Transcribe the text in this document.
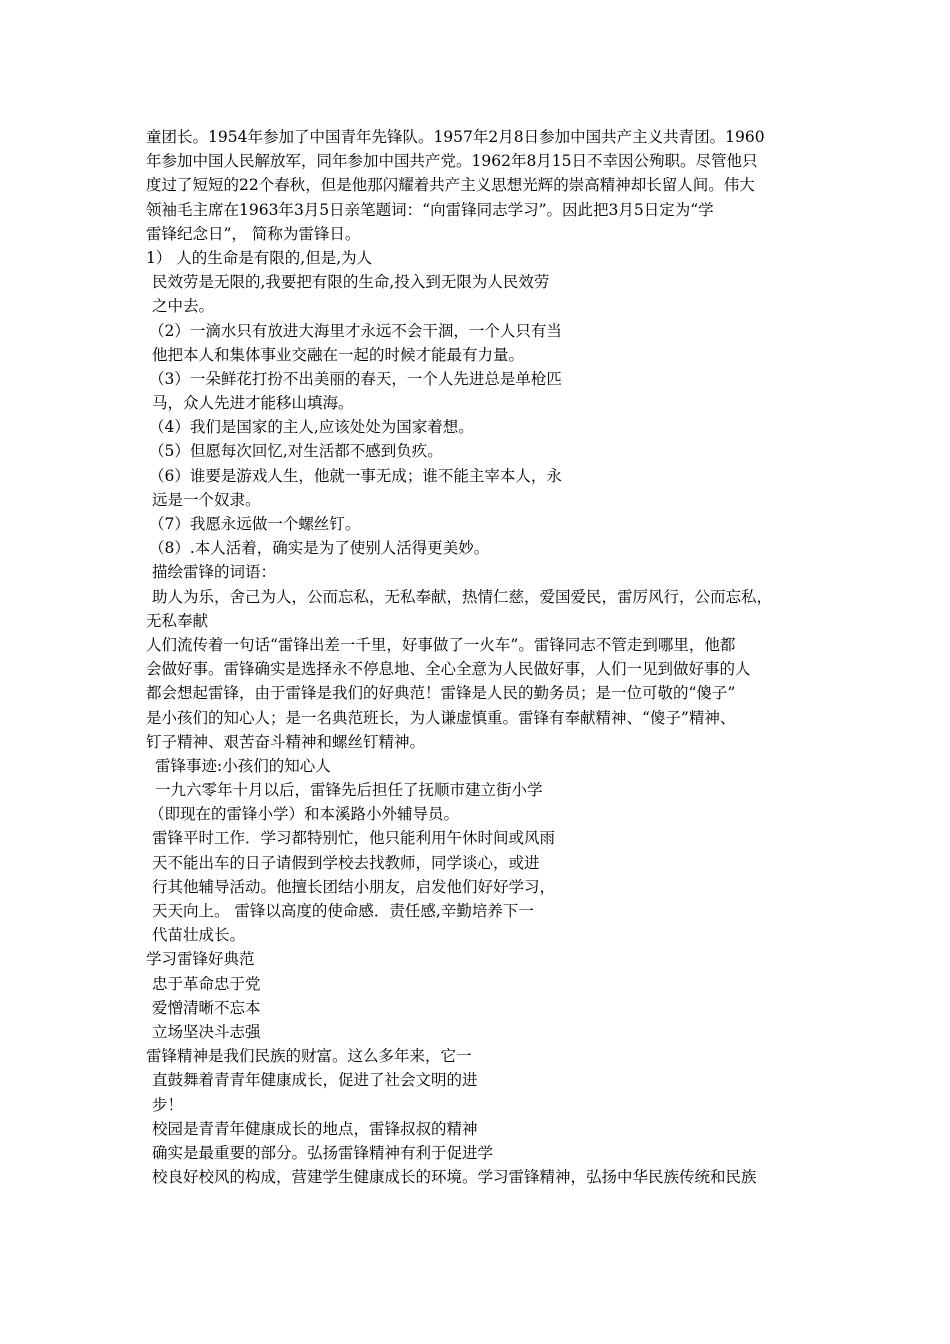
童团长。1954年参加了中国青年先锋队。1957年2月8日参加中国共产主义共青团。1960
年参加中国人民解放军，同年参加中国共产党。1962年8月15日不幸因公殉职。尽管他只
度过了短短的22个春秋，但是他那闪耀着共产主义思想光辉的崇高精神却长留人间。伟大
领袖毛主席在1963年3月5日亲笔题词：“向雷锋同志学习”。因此把3月5日定为“学
雷锋纪念日”， 简称为雷锋日。
1） 人的生命是有限的,但是,为人
民效劳是无限的,我要把有限的生命,投入到无限为人民效劳
之中去。
（2）一滴水只有放进大海里才永远不会干涸，一个人只有当
他把本人和集体事业交融在一起的时候才能最有力量。
（3）一朵鲜花打扮不出美丽的春天，一个人先进总是单枪匹
马，众人先进才能移山填海。
（4）我们是国家的主人,应该处处为国家着想。
（5）但愿每次回忆,对生活都不感到负疚。
（6）谁要是游戏人生，他就一事无成；谁不能主宰本人，永
远是一个奴隶。
（7）我愿永远做一个螺丝钉。
（8）.本人活着，确实是为了使别人活得更美妙。
描绘雷锋的词语：
助人为乐，舍己为人，公而忘私，无私奉献，热情仁慈，爱国爱民，雷厉风行，公而忘私，
无私奉献
人们流传着一句话“雷锋出差一千里，好事做了一火车”。雷锋同志不管走到哪里，他都
会做好事。雷锋确实是选择永不停息地、全心全意为人民做好事，人们一见到做好事的人
都会想起雷锋，由于雷锋是我们的好典范！雷锋是人民的勤务员；是一位可敬的“傻子”
是小孩们的知心人；是一名典范班长，为人谦虚慎重。雷锋有奉献精神、“傻子”精神、
钉子精神、艰苦奋斗精神和螺丝钉精神。
雷锋事迹:小孩们的知心人
一九六零年十月以后，雷锋先后担任了抚顺市建立街小学
（即现在的雷锋小学）和本溪路小外辅导员。
雷锋平时工作．学习都特别忙，他只能利用午休时间或风雨
天不能出车的日子请假到学校去找教师，同学谈心，或进
行其他辅导活动。他擅长团结小朋友，启发他们好好学习，
天天向上。 雷锋以高度的使命感．责任感,辛勤培养下一
代苗壮成长。
学习雷锋好典范
忠于革命忠于党
爱憎清晰不忘本
立场坚决斗志强
雷锋精神是我们民族的财富。这么多年来，它一
直鼓舞着青青年健康成长，促进了社会文明的进
步！
校园是青青年健康成长的地点，雷锋叔叔的精神
确实是最重要的部分。弘扬雷锋精神有利于促进学
校良好校风的构成，营建学生健康成长的环境。学习雷锋精神，弘扬中华民族传统和民族
